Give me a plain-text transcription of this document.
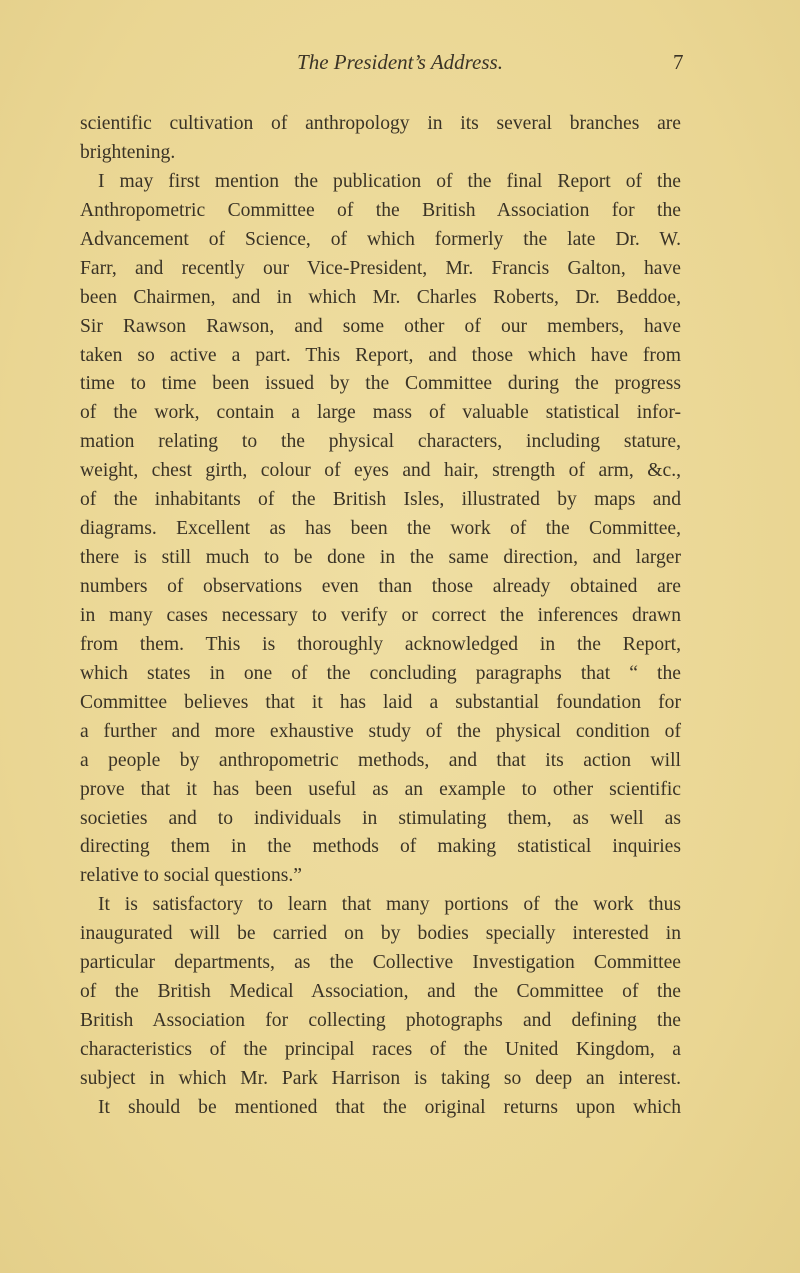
The President’s Address.	7
scientific cultivation of anthropology in its several branches are
brightening.
I may first mention the publication of the final Report of the
Anthropometric Committee of the British Association for the
Advancement of Science, of which formerly the late Dr. W.
Farr, and recently our Vice-President, Mr. Francis Galton, have
been Chairmen, and in which Mr. Charles Roberts, Dr. Beddoe,
Sir Rawson Rawson, and some other of our members, have
taken so active a part. This Report, and those which have from
time to time been issued by the Committee during the progress
of the work, contain a large mass of valuable statistical infor-
mation relating to the physical characters, including stature,
weight, chest girth, colour of eyes and hair, strength of arm, &c.,
of the inhabitants of the British Isles, illustrated by maps and
diagrams. Excellent as has been the work of the Committee,
there is still much to be done in the same direction, and larger
numbers of observations even than those already obtained are
in many cases necessary to verify or correct the inferences drawn
from them. This is thoroughly acknowledged in the Report,
which states in one of the concluding paragraphs that “ the
Committee believes that it has laid a substantial foundation for
a further and more exhaustive study of the physical condition of
a people by anthropometric methods, and that its action will
prove that it has been useful as an example to other scientific
societies and to individuals in stimulating them, as well as
directing them in the methods of making statistical inquiries
relative to social questions.”
It is satisfactory to learn that many portions of the work thus
inaugurated will be carried on by bodies specially interested in
particular departments, as the Collective Investigation Committee
of the British Medical Association, and the Committee of the
British Association for collecting photographs and defining the
characteristics of the principal races of the United Kingdom, a
subject in which Mr. Park Harrison is taking so deep an interest.
It should be mentioned that the original returns upon which
